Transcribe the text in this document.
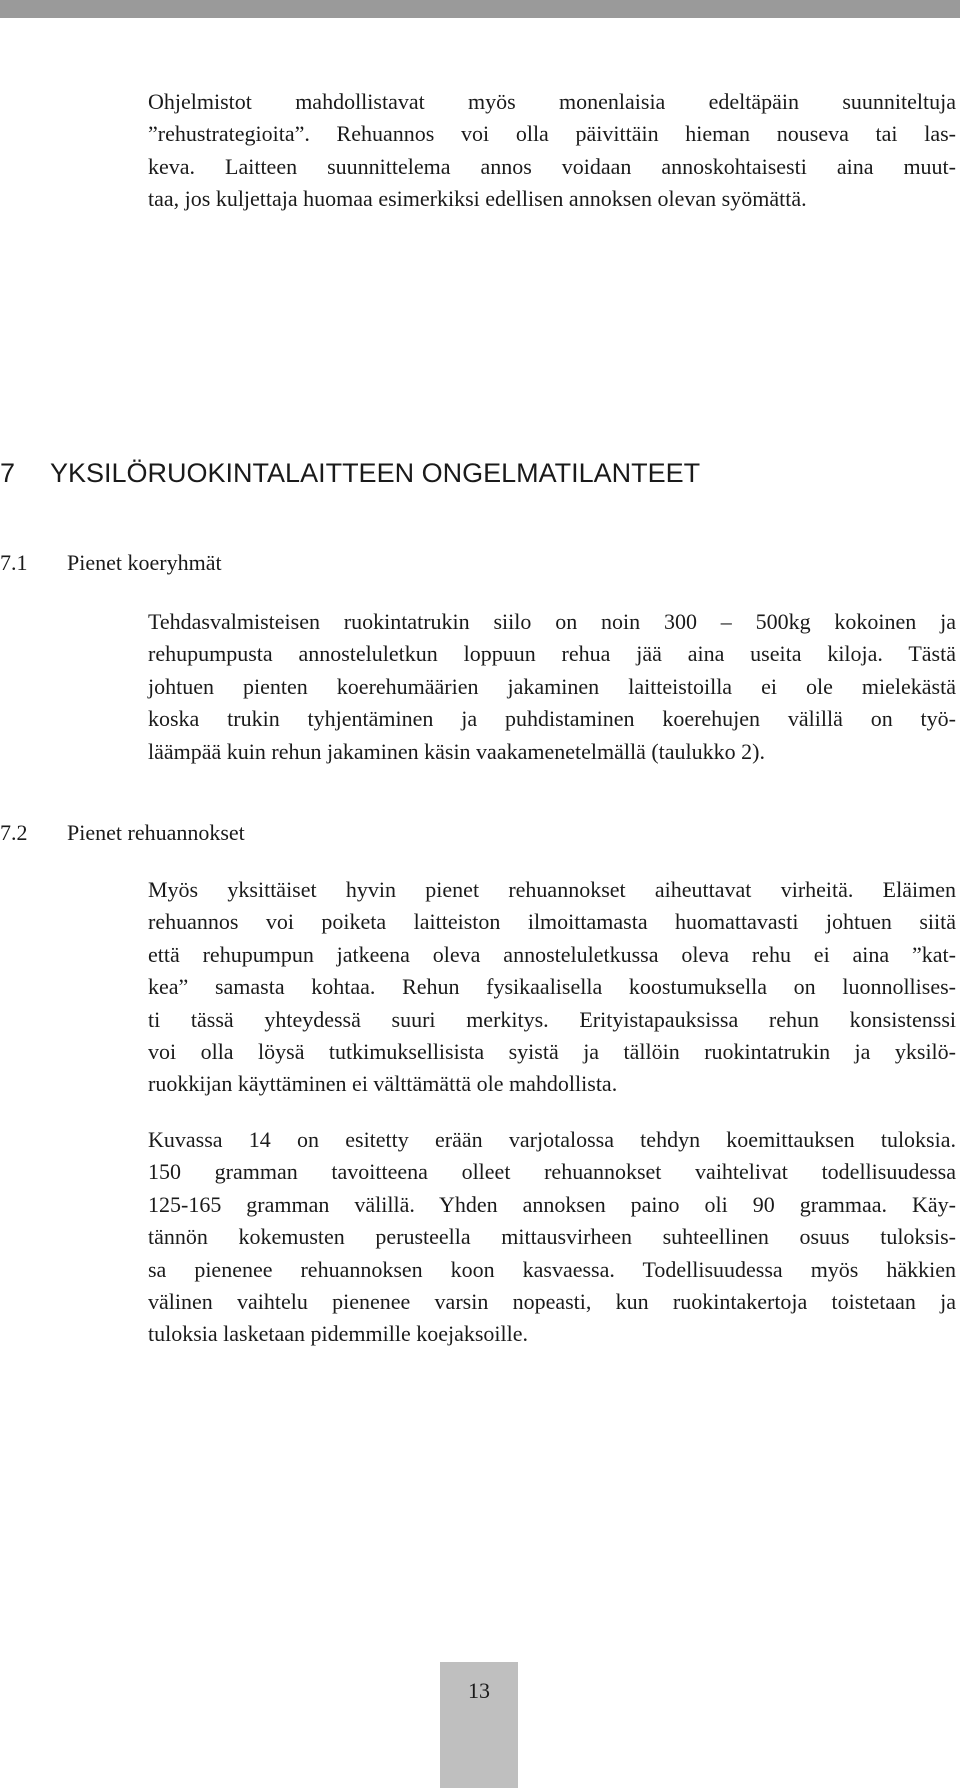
Ohjelmistot mahdollistavat myös monenlaisia edeltäpäin suunniteltuja
”rehustrategioita”. Rehuannos voi olla päivittäin hieman nouseva tai las-
keva. Laitteen suunnittelema annos voidaan annoskohtaisesti aina muut-
taa, jos kuljettaja huomaa esimerkiksi edellisen annoksen olevan syömättä.

7 YKSILÖRUOKINTALAITTEEN ONGELMATILANTEET
7.1 Pienet koeryhmät

Tehdasvalmisteisen ruokintatrukin siilo on noin 300 – 500kg kokoinen ja
rehupumpusta annosteluletkun loppuun rehua jää aina useita kiloja. Tästä
johtuen pienten koerehumäärien jakaminen laitteistoilla ei ole mielekästä
koska trukin tyhjentäminen ja puhdistaminen koerehujen välillä on työ-
läämpää kuin rehun jakaminen käsin vaakamenetelmällä (taulukko 2).

7.2 Pienet rehuannokset

Myös yksittäiset hyvin pienet rehuannokset aiheuttavat virheitä. Eläimen
rehuannos voi poiketa laitteiston ilmoittamasta huomattavasti johtuen siitä
että rehupumpun jatkeena oleva annosteluletkussa oleva rehu ei aina ”kat-
kea” samasta kohtaa. Rehun fysikaalisella koostumuksella on luonnollises-
ti tässä yhteydessä suuri merkitys. Erityistapauksissa rehun konsistenssi
voi olla löysä tutkimuksellisista syistä ja tällöin ruokintatrukin ja yksilö-
ruokkijan käyttäminen ei välttämättä ole mahdollista.

Kuvassa 14 on esitetty erään varjotalossa tehdyn koemittauksen tuloksia.
150 gramman tavoitteena olleet rehuannokset vaihtelivat todellisuudessa
125-165 gramman välillä. Yhden annoksen paino oli 90 grammaa. Käy-
tännön kokemusten perusteella mittausvirheen suhteellinen osuus tuloksis-
sa pienenee rehuannoksen koon kasvaessa. Todellisuudessa myös häkkien
välinen vaihtelu pienenee varsin nopeasti, kun ruokintakertoja toistetaan ja
tuloksia lasketaan pidemmille koejaksoille.

13
